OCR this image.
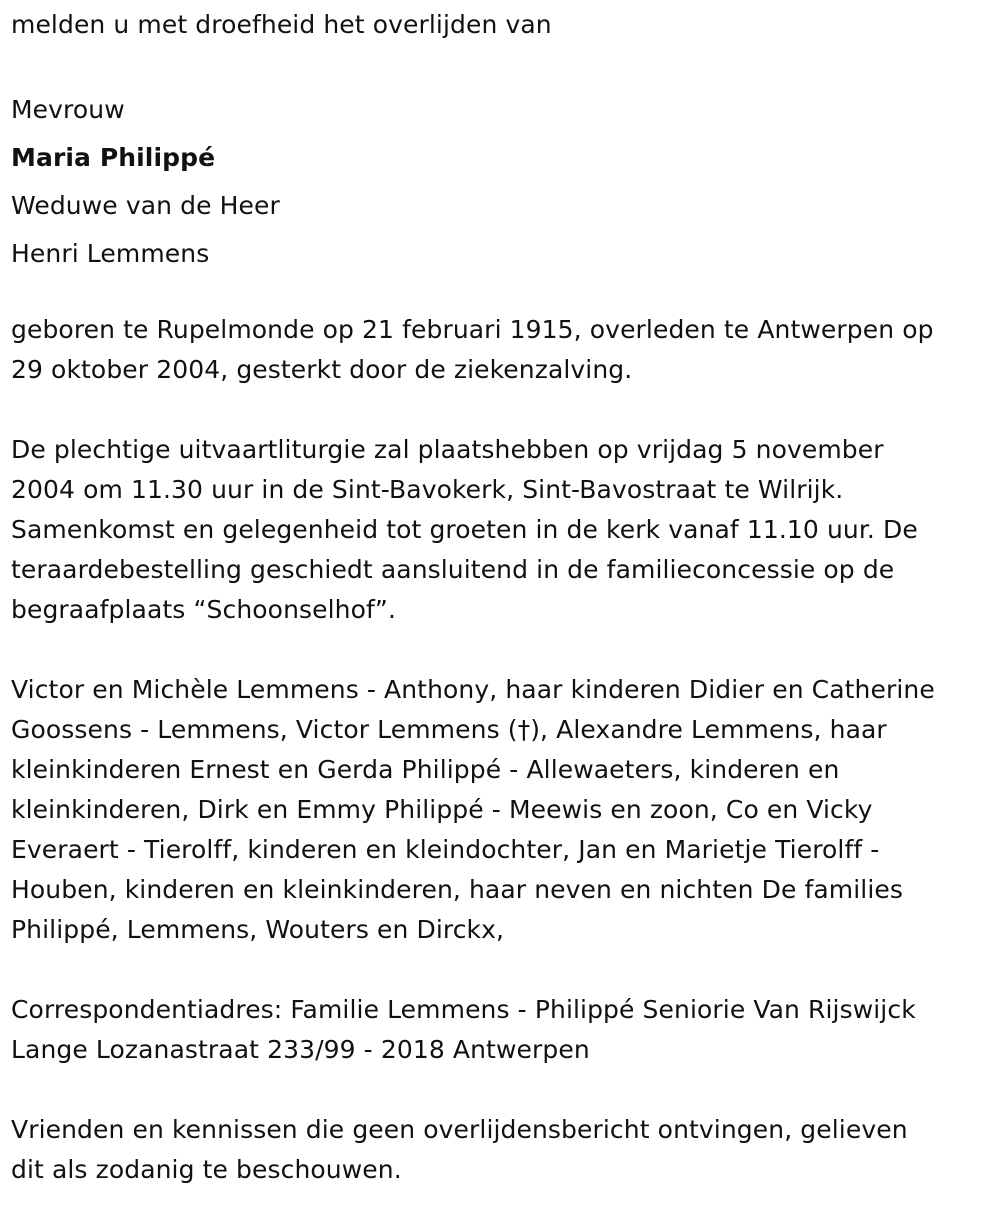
melden u met droefheid het overlijden van

Mevrouw

Maria Philippé

Weduwe van de Heer

Henri Lemmens

geboren te Rupelmonde op 21 februari 1915, overleden te Antwerpen op

29 oktober 2004, gesterkt door de ziekenzalving.

De plechtige uitvaartliturgie zal plaatshebben op vrijdag 5 november

2004 om 11.30 uur in de Sint-Bavokerk, Sint-Bavostraat te Wilrijk.

Samenkomst en gelegenheid tot groeten in de kerk vanaf 11.10 uur. De

teraardebestelling geschiedt aansluitend in de familieconcessie op de

begraafplaats “Schoonselhof”.

Victor en Michèle Lemmens - Anthony, haar kinderen Didier en Catherine

Goossens - Lemmens, Victor Lemmens (†), Alexandre Lemmens, haar

kleinkinderen Ernest en Gerda Philippé - Allewaeters, kinderen en

kleinkinderen, Dirk en Emmy Philippé - Meewis en zoon, Co en Vicky

Everaert - Tierolff, kinderen en kleindochter, Jan en Marietje Tierolff -

Houben, kinderen en kleinkinderen, haar neven en nichten De families

Philippé, Lemmens, Wouters en Dirckx,

Correspondentiadres: Familie Lemmens - Philippé Seniorie Van Rijswijck

Lange Lozanastraat 233/99 - 2018 Antwerpen

Vrienden en kennissen die geen overlijdensbericht ontvingen, gelieven

dit als zodanig te beschouwen.
